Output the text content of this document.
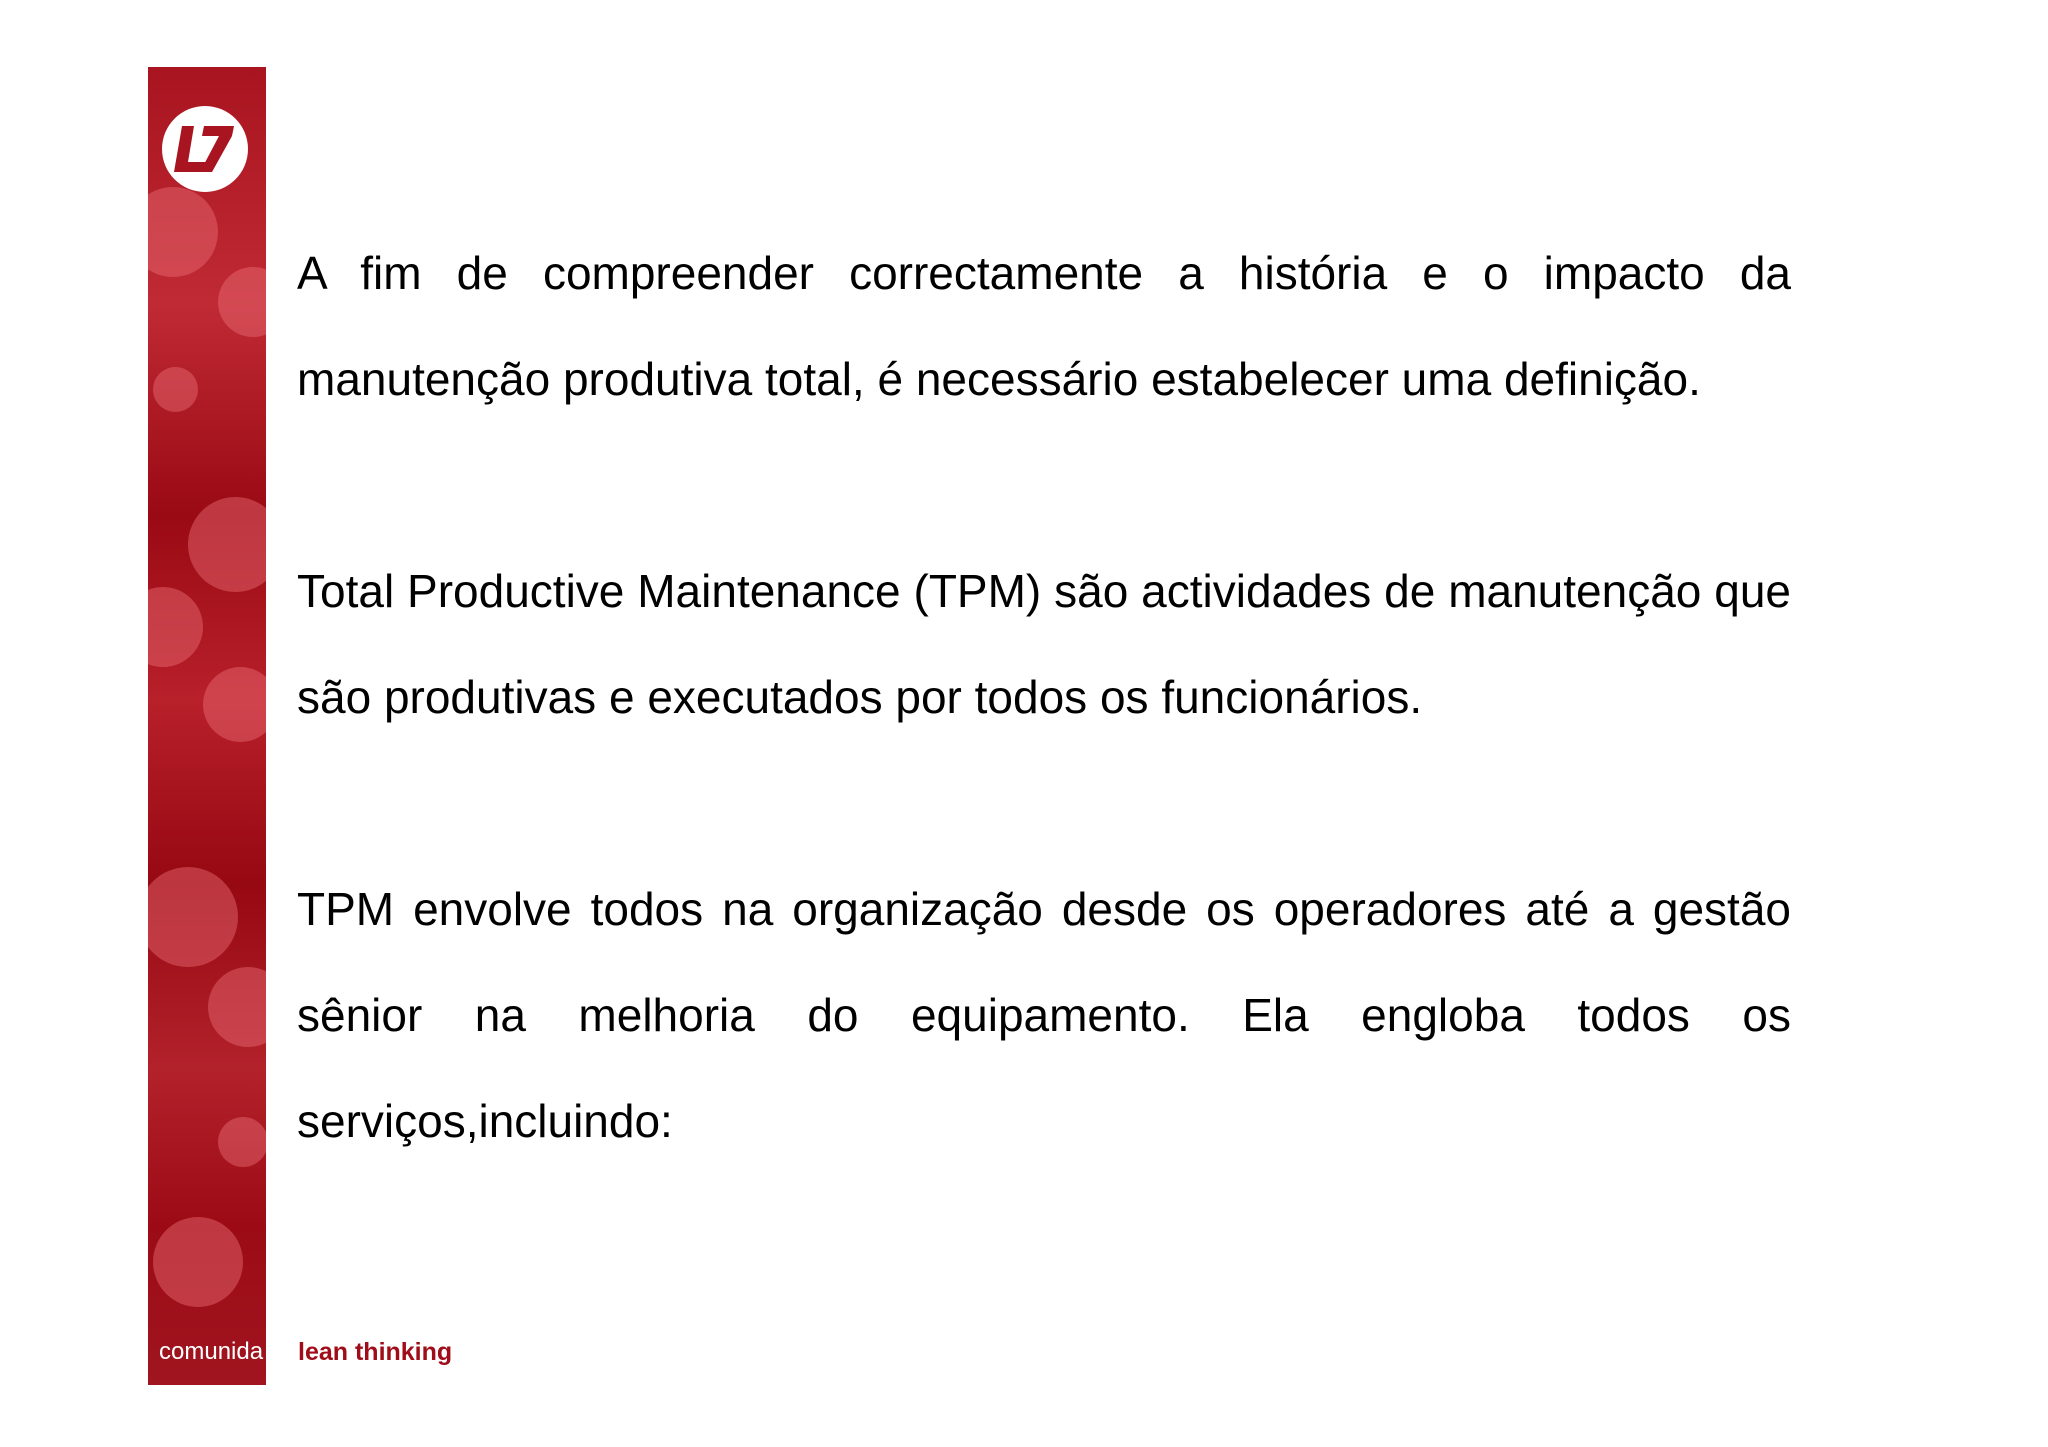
comunida lean thinking

A fim de compreender correctamente a história e o impacto da manutenção produtiva total, é necessário estabelecer uma definição.

Total Productive Maintenance (TPM) são actividades de manutenção que são produtivas e executados por todos os funcionários.

TPM envolve todos na organização desde os operadores até a gestão sênior na melhoria do equipamento. Ela engloba todos os serviços,incluindo:
